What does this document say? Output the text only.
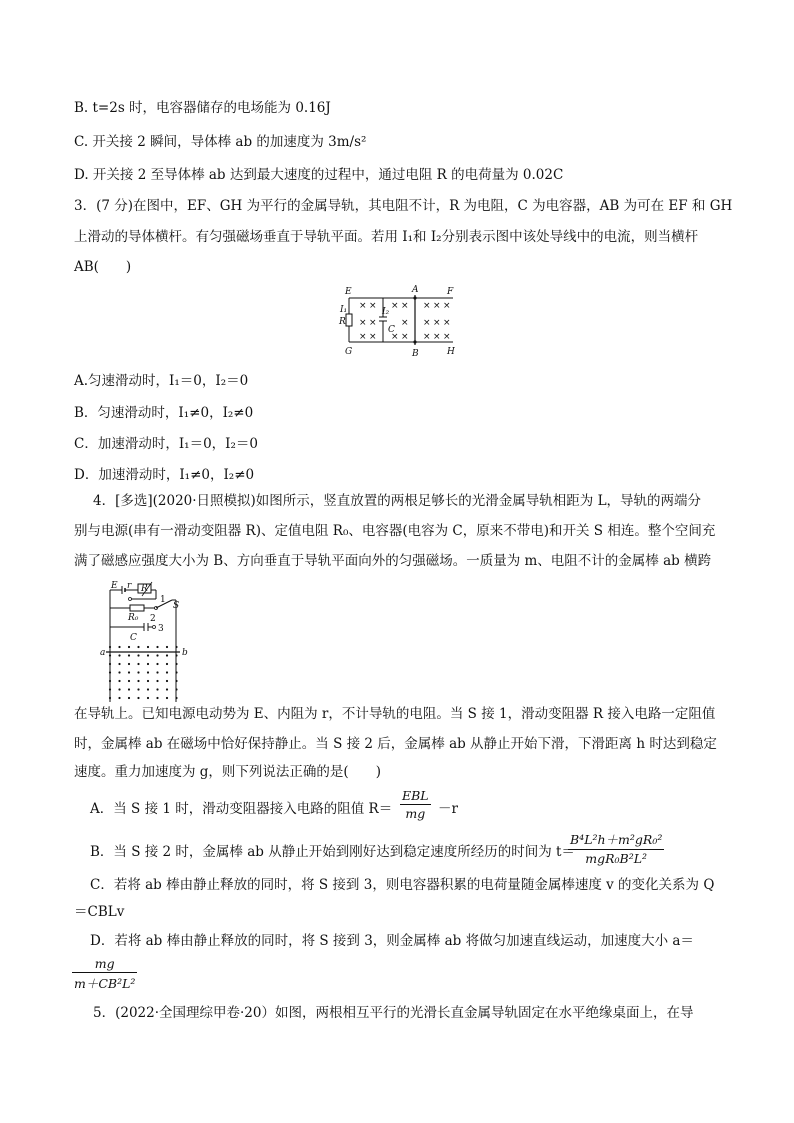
B. t=2s 时，电容器储存的电场能为 0.16J
C. 开关接 2 瞬间，导体棒 ab 的加速度为 3m/s²
D. 开关接 2 至导体棒 ab 达到最大速度的过程中，通过电阻 R 的电荷量为 0.02C
3．(7 分)在图中，EF、GH 为平行的金属导轨，其电阻不计，R 为电阻，C 为电容器，AB 为可在 EF 和 GH
上滑动的导体横杆。有匀强磁场垂直于导轨平面。若用 I₁和 I₂分别表示图中该处导线中的电流，则当横杆
AB(　　)
× × × × × × ×
× ×	× × × ×
× × × × × × ×
E	F
G	H
A
B
R
I₁	I₂
C
A.匀速滑动时，I₁＝0，I₂＝0
B．匀速滑动时，I₁≠0，I₂≠0
C．加速滑动时，I₁＝0，I₂＝0
D．加速滑动时，I₁≠0，I₂≠0
4．[多选](2020·日照模拟)如图所示，竖直放置的两根足够长的光滑金属导轨相距为 L，导轨的两端分
别与电源(串有一滑动变阻器 R)、定值电阻 R₀、电容器(电容为 C，原来不带电)和开关 S 相连。整个空间充
满了磁感应强度大小为 B、方向垂直于导轨平面向外的匀强磁场。一质量为 m、电阻不计的金属棒 ab 横跨
E r R
S
R₀
C
1
2
3
a	b
在导轨上。已知电源电动势为 E、内阻为 r，不计导轨的电阻。当 S 接 1，滑动变阻器 R 接入电路一定阻值
时，金属棒 ab 在磁场中恰好保持静止。当 S 接 2 后，金属棒 ab 从静止开始下滑，下滑距离 h 时达到稳定
速度。重力加速度为 g，则下列说法正确的是(　　)
A．当 S 接 1 时，滑动变阻器接入电路的阻值 R＝
EBL
mg －r
B．当 S 接 2 时，金属棒 ab 从静止开始到刚好达到稳定速度所经历的时间为 t＝
B⁴L²h＋m²gR₀²
mgR₀B²L²
C．若将 ab 棒由静止释放的同时，将 S 接到 3，则电容器积累的电荷量随金属棒速度 v 的变化关系为 Q
＝CBLv
D．若将 ab 棒由静止释放的同时，将 S 接到 3，则金属棒 ab 将做匀加速直线运动，加速度大小 a＝
mg
m＋CB²L²
5．(2022·全国理综甲卷·20）如图，两根相互平行的光滑长直金属导轨固定在水平绝缘桌面上，在导
